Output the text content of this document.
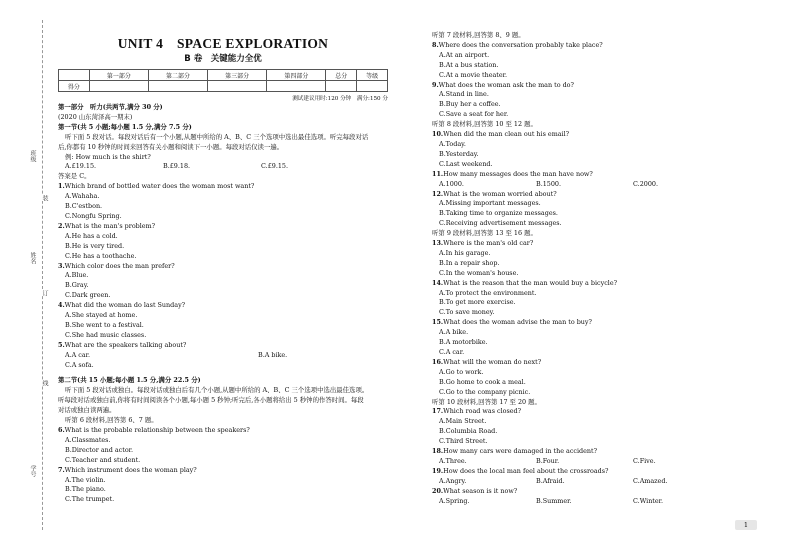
班级
姓名
学号
装
订
线
UNIT 4　SPACE EXPLORATION
B 卷　关键能力全优
	第一部分	第二部分	第三部分	第四部分	总分	等级
得分						
测试建议用时:120 分钟　满分:150 分
第一部分　听力(共两节,满分 30 分)
(2020 山东菏泽高一期末)
第一节(共 5 小题;每小题 1.5 分,满分 7.5 分)
听下面 5 段对话。每段对话后有一个小题,从题中所给的 A、B、C 三个选项中选出最佳选项。听完每段对话
后,你都有 10 秒钟的时间来回答有关小题和阅读下一小题。每段对话仅读一遍。
例: How much is the shirt?
A.£19.15.	B.£9.18.	C.£9.15.
答案是 C。
1.Which brand of bottled water does the woman most want?
A.Wahaha.
B.C'estbon.
C.Nongfu Spring.
2.What is the man's problem?
A.He has a cold.
B.He is very tired.
C.He has a toothache.
3.Which color does the man prefer?
A.Blue.
B.Gray.
C.Dark green.
4.What did the woman do last Sunday?
A.She stayed at home.
B.She went to a festival.
C.She had music classes.
5.What are the speakers talking about?
A.A car.	B.A bike.
C.A sofa.
第二节(共 15 小题;每小题 1.5 分,满分 22.5 分)
听下面 5 段对话或独白。每段对话或独白后有几个小题,从题中所给的 A、B、C 三个选项中选出最佳选项。
听每段对话或独白前,你将有时间阅读各个小题,每小题 5 秒钟;听完后,各小题将给出 5 秒钟的作答时间。每段
对话或独白读两遍。
听第 6 段材料,回答第 6、7 题。
6.What is the probable relationship between the speakers?
A.Classmates.
B.Director and actor.
C.Teacher and student.
7.Which instrument does the woman play?
A.The violin.
B.The piano.
C.The trumpet.
听第 7 段材料,回答第 8、9 题。
8.Where does the conversation probably take place?
A.At an airport.
B.At a bus station.
C.At a movie theater.
9.What does the woman ask the man to do?
A.Stand in line.
B.Buy her a coffee.
C.Save a seat for her.
听第 8 段材料,回答第 10 至 12 题。
10.When did the man clean out his email?
A.Today.
B.Yesterday.
C.Last weekend.
11.How many messages does the man have now?
A.1000.	B.1500.	C.2000.
12.What is the woman worried about?
A.Missing important messages.
B.Taking time to organize messages.
C.Receiving advertisement messages.
听第 9 段材料,回答第 13 至 16 题。
13.Where is the man's old car?
A.In his garage.
B.In a repair shop.
C.In the woman's house.
14.What is the reason that the man would buy a bicycle?
A.To protect the environment.
B.To get more exercise.
C.To save money.
15.What does the woman advise the man to buy?
A.A bike.
B.A motorbike.
C.A car.
16.What will the woman do next?
A.Go to work.
B.Go home to cook a meal.
C.Go to the company picnic.
听第 10 段材料,回答第 17 至 20 题。
17.Which road was closed?
A.Main Street.
B.Columbia Road.
C.Third Street.
18.How many cars were damaged in the accident?
A.Three.	B.Four.	C.Five.
19.How does the local man feel about the crossroads?
A.Angry.	B.Afraid.	C.Amazed.
20.What season is it now?
A.Spring.	B.Summer.	C.Winter.
1
